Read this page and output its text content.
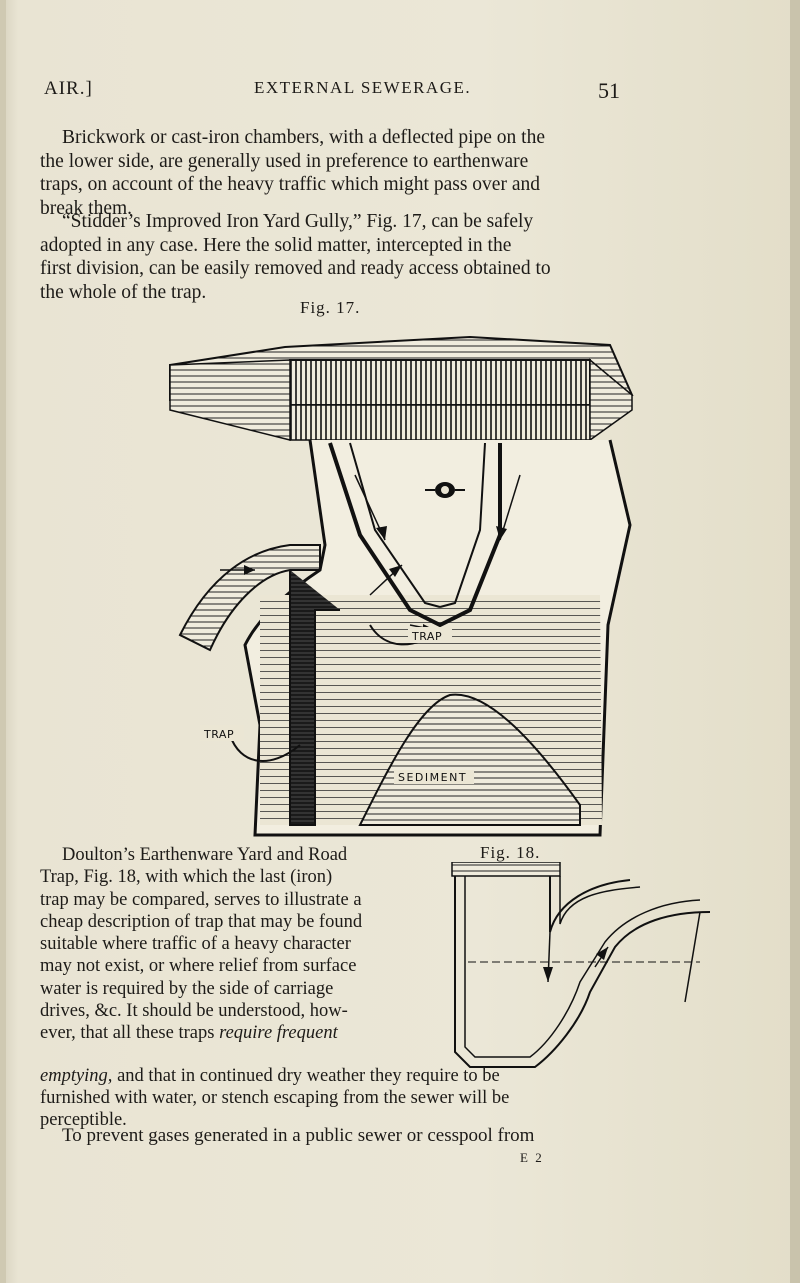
AIR.]	EXTERNAL SEWERAGE.	51

Brickwork or cast-iron chambers, with a deflected pipe on the
the lower side, are generally used in preference to earthenware
traps, on account of the heavy traffic which might pass over and
break them.

“Stidder’s Improved Iron Yard Gully,” Fig. 17, can be safely
adopted in any case. Here the solid matter, intercepted in the
first division, can be easily removed and ready access obtained to
the whole of the trap.

Fig. 17.
TRAP
TRAP
SEDIMENT
Fig. 18.

Doulton’s Earthenware Yard and Road
Trap, Fig. 18, with which the last (iron)
trap may be compared, serves to illustrate a
cheap description of trap that may be found
suitable where traffic of a heavy character
may not exist, or where relief from surface
water is required by the side of carriage
drives, &c. It should be understood, how-
ever, that all these traps require frequent

emptying, and that in continued dry weather they require to be
furnished with water, or stench escaping from the sewer will be
perceptible.

To prevent gases generated in a public sewer or cesspool from

E 2
